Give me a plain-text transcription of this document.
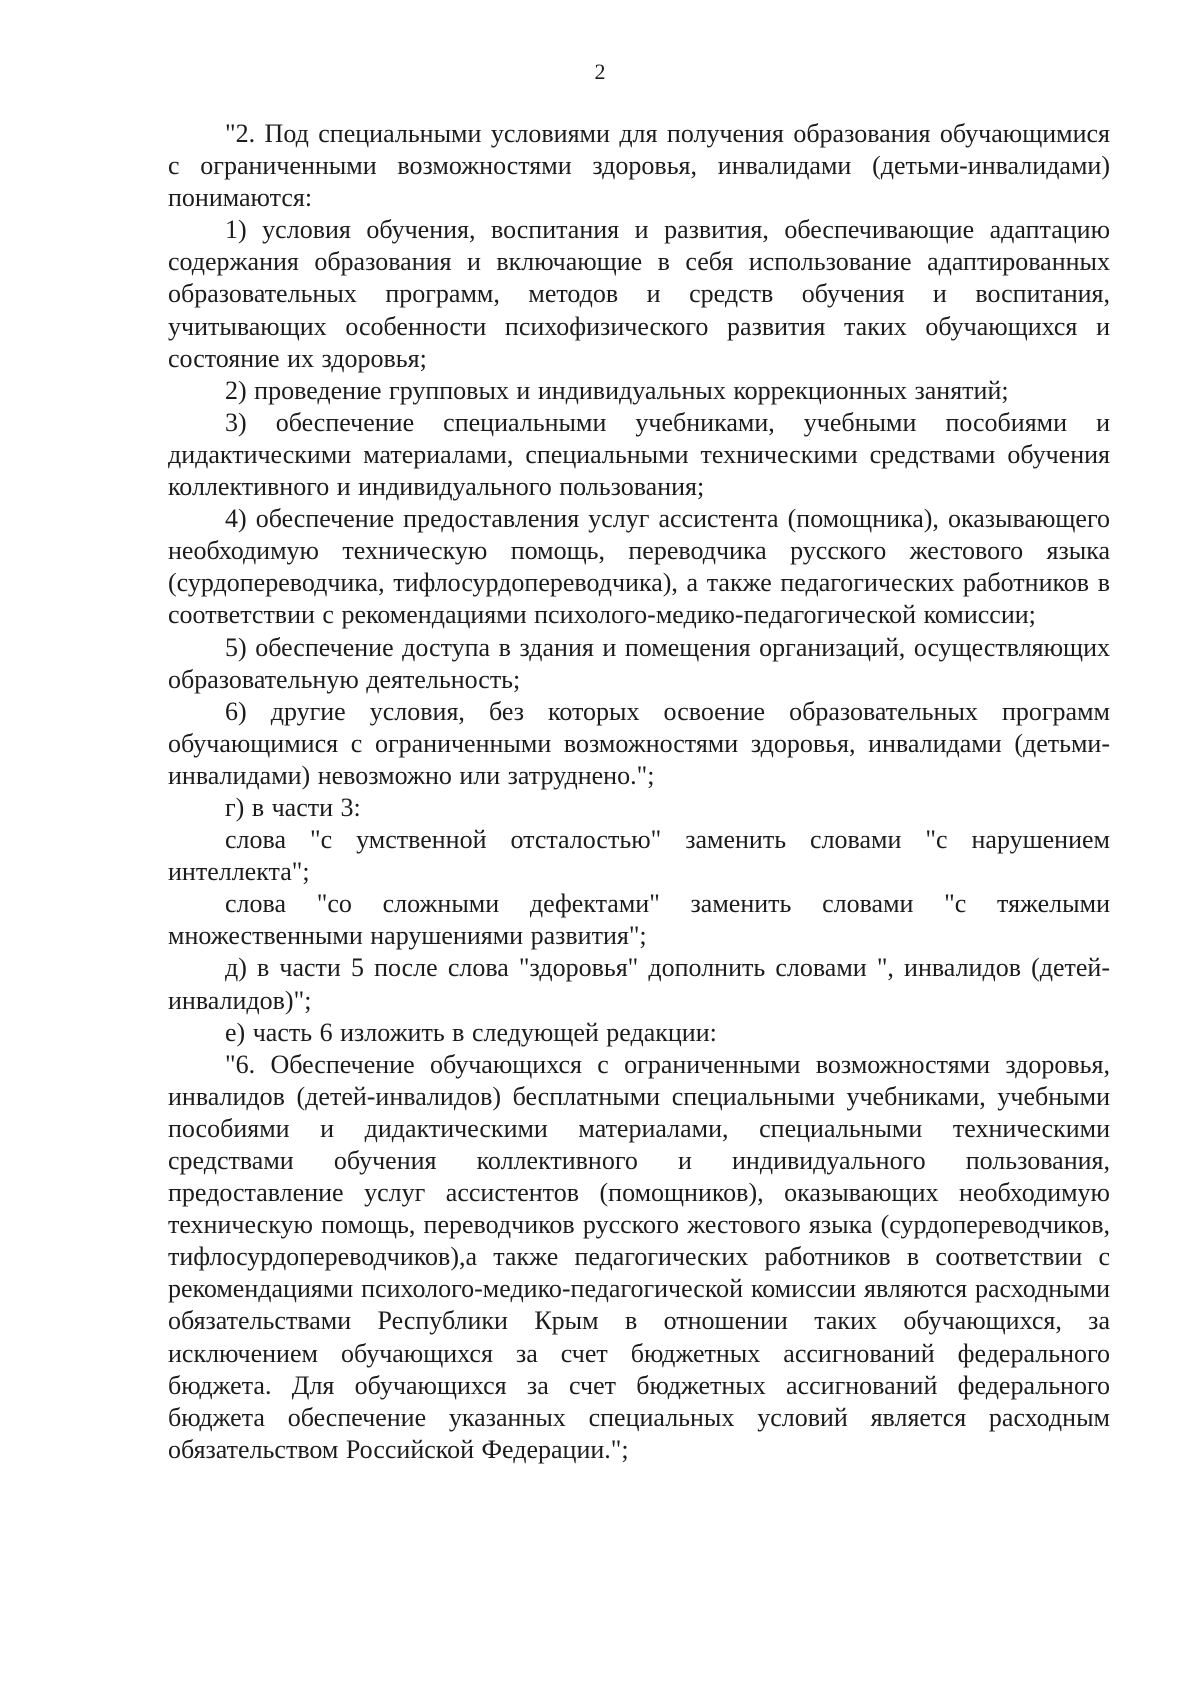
2

"2. Под специальными условиями для получения образования обучающимися с ограниченными возможностями здоровья, инвалидами (детьми-инвалидами) понимаются:

1) условия обучения, воспитания и развития, обеспечивающие адаптацию содержания образования и включающие в себя использование адаптированных образовательных программ, методов и средств обучения и воспитания, учитывающих особенности психофизического развития таких обучающихся и состояние их здоровья;

2) проведение групповых и индивидуальных коррекционных занятий;

3) обеспечение специальными учебниками, учебными пособиями и дидактическими материалами, специальными техническими средствами обучения коллективного и индивидуального пользования;

4) обеспечение предоставления услуг ассистента (помощника), оказывающего необходимую техническую помощь, переводчика русского жестового языка (сурдопереводчика, тифлосурдопереводчика), а также педагогических работников в соответствии с рекомендациями психолого-медико-педагогической комиссии;

5) обеспечение доступа в здания и помещения организаций, осуществляющих образовательную деятельность;

6) другие условия, без которых освоение образовательных программ обучающимися с ограниченными возможностями здоровья, инвалидами (детьми-инвалидами) невозможно или затруднено.";

г) в части 3:

слова "с умственной отсталостью" заменить словами "с нарушением интеллекта";

слова "со сложными дефектами" заменить словами "с тяжелыми множественными нарушениями развития";

д) в части 5 после слова "здоровья" дополнить словами ", инвалидов (детей-инвалидов)";

е) часть 6 изложить в следующей редакции:

"6. Обеспечение обучающихся с ограниченными возможностями здоровья, инвалидов (детей-инвалидов) бесплатными специальными учебниками, учебными пособиями и дидактическими материалами, специальными техническими средствами обучения коллективного и индивидуального пользования, предоставление услуг ассистентов (помощников), оказывающих необходимую техническую помощь, переводчиков русского жестового языка (сурдопереводчиков, тифлосурдопереводчиков),а также педагогических работников в соответствии с рекомендациями психолого-медико-педагогической комиссии являются расходными обязательствами Республики Крым в отношении таких обучающихся, за исключением обучающихся за счет бюджетных ассигнований федерального бюджета. Для обучающихся за счет бюджетных ассигнований федерального бюджета обеспечение указанных специальных условий является расходным обязательством Российской Федерации.";
